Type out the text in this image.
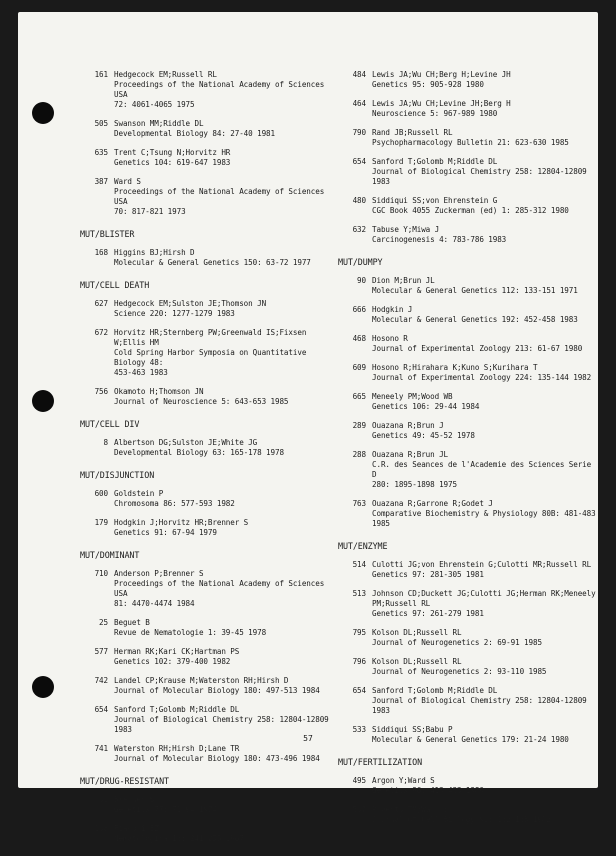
161 Hedgecock EM;Russell RL
Proceedings of the National Academy of Sciences USA
72: 4061-4065 1975
505 Swanson MM;Riddle DL
Developmental Biology 84: 27-40 1981
635 Trent C;Tsung N;Horvitz HR
Genetics 104: 619-647 1983
387 Ward S
Proceedings of the National Academy of Sciences USA
70: 817-821 1973
MUT/BLISTER
168 Higgins BJ;Hirsh D
Molecular & General Genetics 150: 63-72 1977
MUT/CELL DEATH
627 Hedgecock EM;Sulston JE;Thomson JN
Science 220: 1277-1279 1983
672 Horvitz HR;Sternberg PW;Greenwald IS;Fixsen W;Ellis HM
Cold Spring Harbor Symposia on Quantitative Biology 48:
453-463 1983
756 Okamoto H;Thomson JN
Journal of Neuroscience 5: 643-653 1985
MUT/CELL DIV
8 Albertson DG;Sulston JE;White JG
Developmental Biology 63: 165-178 1978
MUT/DISJUNCTION
600 Goldstein P
Chromosoma 86: 577-593 1982
179 Hodgkin J;Horvitz HR;Brenner S
Genetics 91: 67-94 1979
MUT/DOMINANT
710 Anderson P;Brenner S
Proceedings of the National Academy of Sciences USA
81: 4470-4474 1984
25 Beguet B
Revue de Nematologie 1: 39-45 1978
577 Herman RK;Kari CK;Hartman PS
Genetics 102: 379-400 1982
742 Landel CP;Krause M;Waterston RH;Hirsh D
Journal of Molecular Biology 180: 497-513 1984
654 Sanford T;Golomb M;Riddle DL
Journal of Biological Chemistry 258: 12804-12809 1983
741 Waterston RH;Hirsh D;Lane TR
Journal of Molecular Biology 180: 473-496 1984
MUT/DRUG-RESISTANT
31 Brenner S
Genetics 77: 71-94 1974
138 Fiakpui EZ
Nematologica 13: 241-255 1967
484 Lewis JA;Wu CH;Berg H;Levine JH
Genetics 95: 905-928 1980
464 Lewis JA;Wu CH;Levine JH;Berg H
Neuroscience 5: 967-989 1980
790 Rand JB;Russell RL
Psychopharmacology Bulletin 21: 623-630 1985
654 Sanford T;Golomb M;Riddle DL
Journal of Biological Chemistry 258: 12804-12809 1983
480 Siddiqui SS;von Ehrenstein G
CGC Book 4055 Zuckerman (ed) 1: 285-312 1980
632 Tabuse Y;Miwa J
Carcinogenesis 4: 783-786 1983
MUT/DUMPY
90 Dion M;Brun JL
Molecular & General Genetics 112: 133-151 1971
666 Hodgkin J
Molecular & General Genetics 192: 452-458 1983
468 Hosono R
Journal of Experimental Zoology 213: 61-67 1980
609 Hosono R;Hirahara K;Kuno S;Kurihara T
Journal of Experimental Zoology 224: 135-144 1982
665 Meneely PM;Wood WB
Genetics 106: 29-44 1984
289 Ouazana R;Brun J
Genetics 49: 45-52 1978
288 Ouazana R;Brun JL
C.R. des Seances de l'Academie des Sciences Serie D
280: 1895-1898 1975
763 Ouazana R;Garrone R;Godet J
Comparative Biochemistry & Physiology 80B: 481-483
1985
MUT/ENZYME
514 Culotti JG;von Ehrenstein G;Culotti MR;Russell RL
Genetics 97: 281-305 1981
513 Johnson CD;Duckett JG;Culotti JG;Herman RK;Meneely
PM;Russell RL
Genetics 97: 261-279 1981
795 Kolson DL;Russell RL
Journal of Neurogenetics 2: 69-91 1985
796 Kolson DL;Russell RL
Journal of Neurogenetics 2: 93-110 1985
654 Sanford T;Golomb M;Riddle DL
Journal of Biological Chemistry 258: 12804-12809 1983
533 Siddiqui SS;Babu P
Molecular & General Genetics 179: 21-24 1980
MUT/FERTILIZATION
495 Argon Y;Ward S
Genetics 96: 413-433 1980
537 Roberts TM;Ward S
Journal of Cell Biology 92: 132-138 1982
57
